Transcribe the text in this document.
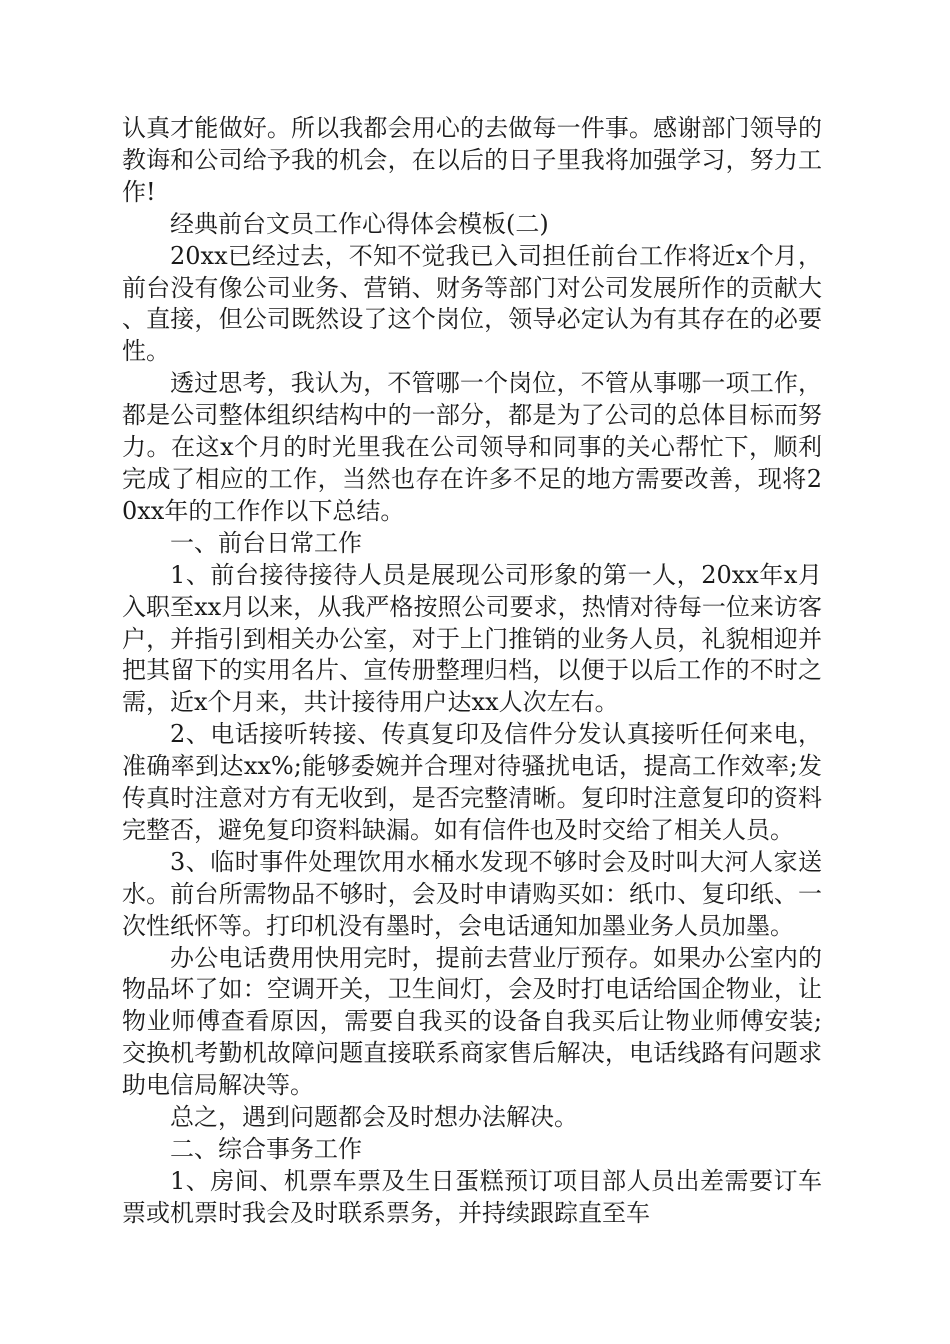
认真才能做好。所以我都会用心的去做每一件事。感谢部门领导的教诲和公司给予我的机会，在以后的日子里我将加强学习，努力工作!

经典前台文员工作心得体会模板(二)

20xx已经过去，不知不觉我已入司担任前台工作将近x个月，前台没有像公司业务、营销、财务等部门对公司发展所作的贡献大、直接，但公司既然设了这个岗位，领导必定认为有其存在的必要性。

透过思考，我认为，不管哪一个岗位，不管从事哪一项工作，都是公司整体组织结构中的一部分，都是为了公司的总体目标而努力。在这x个月的时光里我在公司领导和同事的关心帮忙下，顺利完成了相应的工作，当然也存在许多不足的地方需要改善，现将20xx年的工作作以下总结。

一、前台日常工作

1、前台接待接待人员是展现公司形象的第一人，20xx年x月入职至xx月以来，从我严格按照公司要求，热情对待每一位来访客户，并指引到相关办公室，对于上门推销的业务人员，礼貌相迎并把其留下的实用名片、宣传册整理归档，以便于以后工作的不时之需，近x个月来，共计接待用户达xx人次左右。

2、电话接听转接、传真复印及信件分发认真接听任何来电，准确率到达xx%;能够委婉并合理对待骚扰电话，提高工作效率;发传真时注意对方有无收到，是否完整清晰。复印时注意复印的资料完整否，避免复印资料缺漏。如有信件也及时交给了相关人员。

3、临时事件处理饮用水桶水发现不够时会及时叫大河人家送水。前台所需物品不够时，会及时申请购买如：纸巾、复印纸、一次性纸怀等。打印机没有墨时，会电话通知加墨业务人员加墨。

办公电话费用快用完时，提前去营业厅预存。如果办公室内的物品坏了如：空调开关，卫生间灯，会及时打电话给国企物业，让物业师傅查看原因，需要自我买的设备自我买后让物业师傅安装;交换机考勤机故障问题直接联系商家售后解决，电话线路有问题求助电信局解决等。

总之，遇到问题都会及时想办法解决。

二、综合事务工作

1、房间、机票车票及生日蛋糕预订项目部人员出差需要订车票或机票时我会及时联系票务，并持续跟踪直至车
